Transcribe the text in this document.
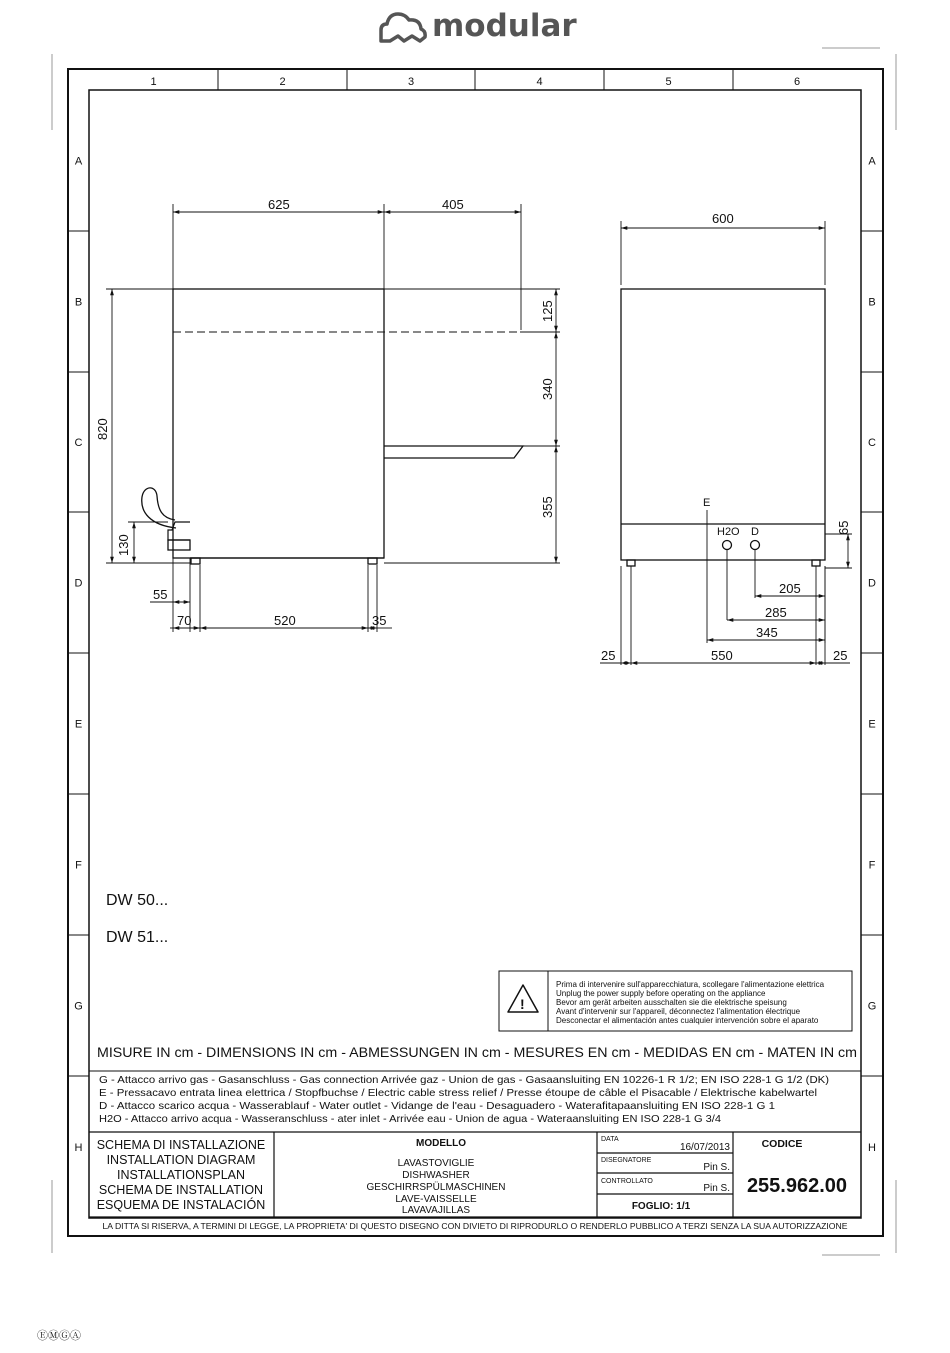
modular
1	2	3	4	5	6
A	A
B	B
C	C
D	D
E	E
F	F
G	G
H	H
625	405
125
340
355
820
130
55
70	520	35
600
65
205
285
345
25	550	25
E
H2O D
DW 50...
DW 51...
!
Prima di intervenire sull'apparecchiatura, scollegare l'alimentazione elettrica
Unplug the power supply before operating on the appliance
Bevor am gerät arbeiten ausschalten sie die elektrische speisung
Avant d'intervenir sur l'appareil, déconnectez l'alimentation électrique
Desconectar el alimentación antes cualquier intervención sobre el aparato
MISURE IN cm - DIMENSIONS IN cm - ABMESSUNGEN IN cm - MESURES EN cm - MEDIDAS EN cm - MATEN IN cm
G - Attacco arrivo gas - Gasanschluss - Gas connection Arrivée gaz - Union de gas - Gasaansluiting EN 10226-1 R 1/2; EN ISO 228-1 G 1/2 (DK)
E - Pressacavo entrata linea elettrica / Stopfbuchse / Electric cable stress relief / Presse étoupe de câble el Pisacable / Elektrische kabelwartel
D - Attacco scarico acqua - Wasserablauf - Water outlet - Vidange de l'eau - Desaguadero - Waterafitapaansluiting EN ISO 228-1 G 1
H2O - Attacco arrivo acqua - Wasseranschluss - ater inlet - Arrivée eau - Union de agua - Wateraansluiting EN ISO 228-1 G 3/4
SCHEMA DI INSTALLAZIONE
INSTALLATION DIAGRAM
INSTALLATIONSPLAN
SCHEMA DE INSTALLATION
ESQUEMA DE INSTALACIÓN
MODELLO
LAVASTOVIGLIE
DISHWASHER
GESCHIRRSPÜLMASCHINEN
LAVE-VAISSELLE
LAVAVAJILLAS
DATA
16/07/2013
DISEGNATORE
Pin S.
CONTROLLATO
Pin S.
FOGLIO: 1/1
CODICE
255.962.00
LA DITTA SI RISERVA, A TERMINI DI LEGGE, LA PROPRIETA' DI QUESTO DISEGNO CON DIVIETO DI RIPRODURLO O RENDERLO PUBBLICO A TERZI SENZA LA SUA AUTORIZZAZIONE
ⒺⓂⒼⒶ
